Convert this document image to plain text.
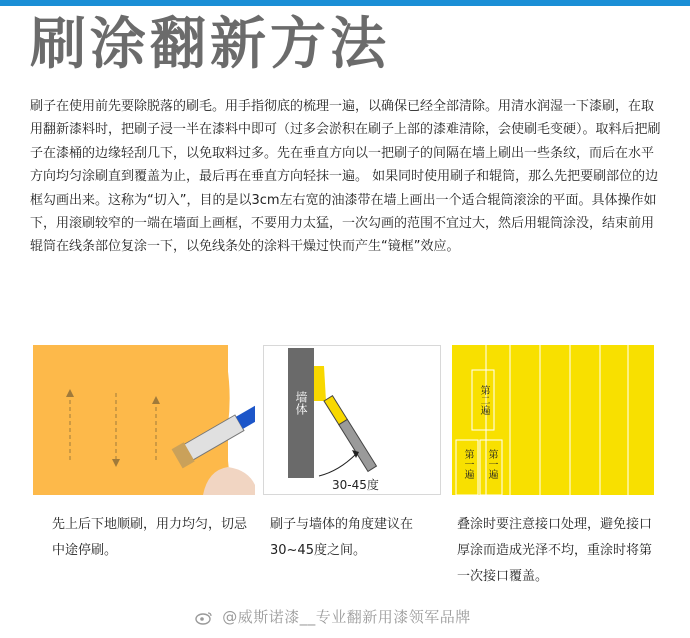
刷涂翻新方法

刷子在使用前先要除脱落的刷毛。用手指彻底的梳理一遍，以确保已经全部清除。用清水润湿一下漆刷，在取用翻新漆料时，把刷子浸一半在漆料中即可（过多会淤积在刷子上部的漆难清除，会使刷毛变硬）。取料后把刷子在漆桶的边缘轻刮几下，以免取料过多。先在垂直方向以一把刷子的间隔在墙上刷出一些条纹，而后在水平方向均匀涂刷直到覆盖为止，最后再在垂直方向轻抹一遍。 如果同时使用刷子和辊筒，那么先把要刷部位的边框勾画出来。这称为“切入”，目的是以3cm左右宽的油漆带在墙上画出一个适合辊筒滚涂的平面。具体操作如下，用滚刷较窄的一端在墙面上画框，不要用力太猛，一次勾画的范围不宜过大，然后用辊筒涂没，结束前用辊筒在线条部位复涂一下，以免线条处的涂料干燥过快而产生“镜框”效应。

墙体
30-45度
第二遍
第一遍 第一遍

先上后下地顺刷，用力均匀，切忌中途停刷。

刷子与墙体的角度建议在30~45度之间。

叠涂时要注意接口处理，避免接口厚涂而造成光泽不均，重涂时将第一次接口覆盖。

@威斯诺漆__专业翻新用漆领军品牌
